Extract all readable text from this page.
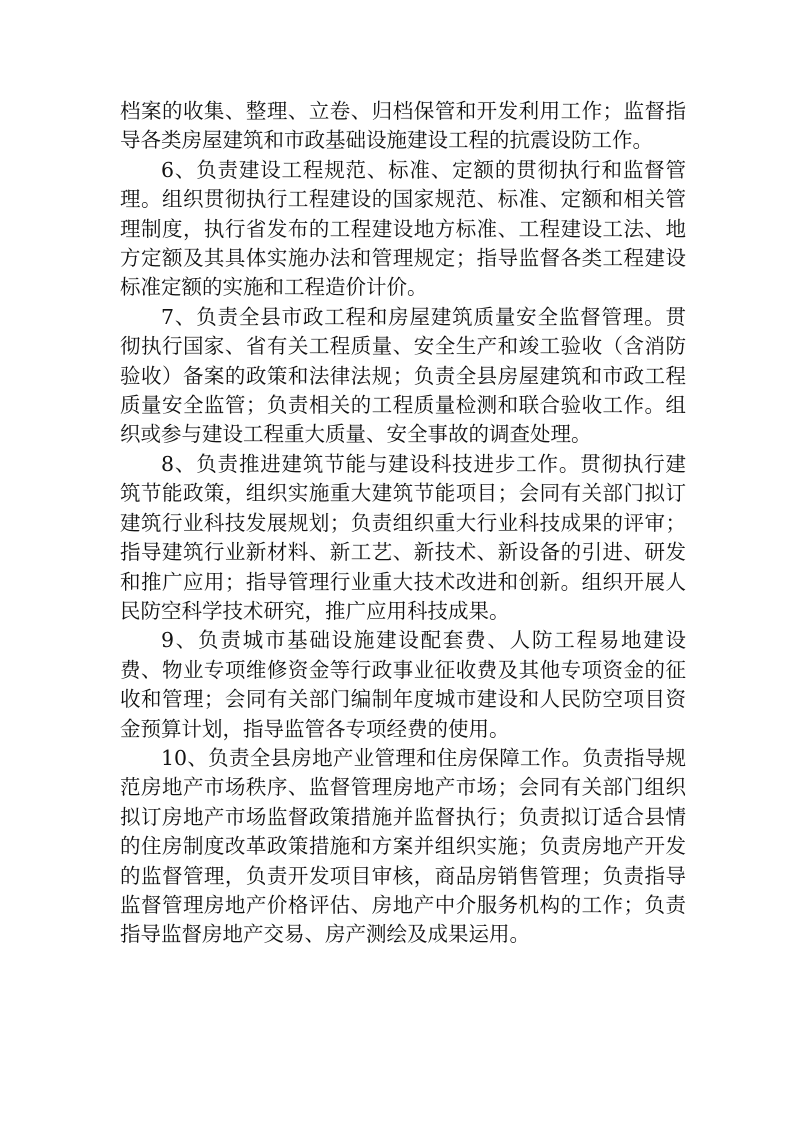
档案的收集、整理、立卷、归档保管和开发利用工作；监督指导各类房屋建筑和市政基础设施建设工程的抗震设防工作。

6、负责建设工程规范、标准、定额的贯彻执行和监督管理。组织贯彻执行工程建设的国家规范、标准、定额和相关管理制度，执行省发布的工程建设地方标准、工程建设工法、地方定额及其具体实施办法和管理规定；指导监督各类工程建设标准定额的实施和工程造价计价。

7、负责全县市政工程和房屋建筑质量安全监督管理。贯彻执行国家、省有关工程质量、安全生产和竣工验收（含消防验收）备案的政策和法律法规；负责全县房屋建筑和市政工程质量安全监管；负责相关的工程质量检测和联合验收工作。组织或参与建设工程重大质量、安全事故的调查处理。

8、负责推进建筑节能与建设科技进步工作。贯彻执行建筑节能政策，组织实施重大建筑节能项目；会同有关部门拟订建筑行业科技发展规划；负责组织重大行业科技成果的评审；指导建筑行业新材料、新工艺、新技术、新设备的引进、研发和推广应用；指导管理行业重大技术改进和创新。组织开展人民防空科学技术研究，推广应用科技成果。

9、负责城市基础设施建设配套费、人防工程易地建设费、物业专项维修资金等行政事业征收费及其他专项资金的征收和管理；会同有关部门编制年度城市建设和人民防空项目资金预算计划，指导监管各专项经费的使用。

10、负责全县房地产业管理和住房保障工作。负责指导规范房地产市场秩序、监督管理房地产市场；会同有关部门组织拟订房地产市场监督政策措施并监督执行；负责拟订适合县情的住房制度改革政策措施和方案并组织实施；负责房地产开发的监督管理，负责开发项目审核，商品房销售管理；负责指导监督管理房地产价格评估、房地产中介服务机构的工作；负责指导监督房地产交易、房产测绘及成果运用。
